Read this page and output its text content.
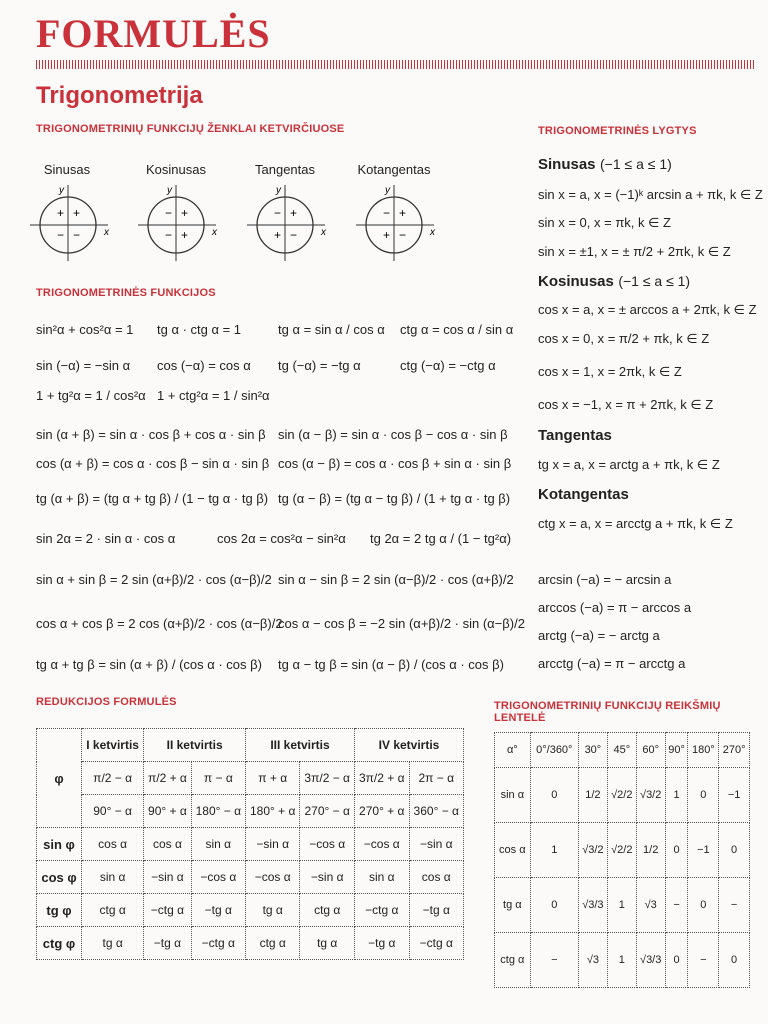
FORMULĖS
Trigonometrija
TRIGONOMETRINIŲ FUNKCIJŲ ŽENKLAI KETVIRČIUOSE
Sinusas	Kosinusas	Tangentas	Kotangentas
+ +
− − x
y
− +
− + x
y
− +
+ − x
y
− +
+ − x
y
TRIGONOMETRINĖS FUNKCIJOS
sin²α + cos²α = 1 tg α · ctg α = 1	tg α = sin α / cos α ctg α = cos α / sin α
sin (−α) = −sin α cos (−α) = cos α tg (−α) = −tg α	ctg (−α) = −ctg α
1 + tg²α = 1 / cos²α 1 + ctg²α = 1 / sin²α
sin (α + β) = sin α · cos β + cos α · sin β sin (α − β) = sin α · cos β − cos α · sin β
cos (α + β) = cos α · cos β − sin α · sin β cos (α − β) = cos α · cos β + sin α · sin β
tg (α + β) = (tg α + tg β) / (1 − tg α · tg β) tg (α − β) = (tg α − tg β) / (1 + tg α · tg β)
sin 2α = 2 · sin α · cos α	cos 2α = cos²α − sin²α tg 2α = 2 tg α / (1 − tg²α)
sin α + sin β = 2 sin (α+β)/2 · cos (α−β)/2 sin α − sin β = 2 sin (α−β)/2 · cos (α+β)/2
cos α + cos β = 2 cos (α+β)/2 · cos (α−β)/2
cos α − cos β = −2 sin (α+β)/2 · sin (α−β)/2
tg α + tg β = sin (α + β) / (cos α · cos β) tg α − tg β = sin (α − β) / (cos α · cos β)
TRIGONOMETRINĖS LYGTYS
Sinusas (−1 ≤ a ≤ 1)
sin x = a, x = (−1)ᵏ arcsin a + πk, k ∈ Z
sin x = 0, x = πk, k ∈ Z
sin x = ±1, x = ± π/2 + 2πk, k ∈ Z
Kosinusas (−1 ≤ a ≤ 1)
cos x = a, x = ± arccos a + 2πk, k ∈ Z
cos x = 0, x = π/2 + πk, k ∈ Z
cos x = 1, x = 2πk, k ∈ Z
cos x = −1, x = π + 2πk, k ∈ Z
Tangentas
tg x = a, x = arctg a + πk, k ∈ Z
Kotangentas
ctg x = a, x = arcctg a + πk, k ∈ Z
arcsin (−a) = − arcsin a
arccos (−a) = π − arccos a
arctg (−a) = − arctg a
arcctg (−a) = π − arcctg a
REDUKCIJOS FORMULĖS
φ	I ketvirtis	II ketvirtis		III ketvirtis		IV ketvirtis	
	π/2 − α	π/2 + α	π − α	π + α	3π/2 − α	3π/2 + α	2π − α
	90° − α	90° + α	180° − α	180° + α	270° − α	270° + α	360° − α
sin φ	cos α	cos α	sin α	−sin α	−cos α	−cos α	−sin α
cos φ	sin α	−sin α	−cos α	−cos α	−sin α	sin α	cos α
tg φ	ctg α	−ctg α	−tg α	tg α	ctg α	−ctg α	−tg α
ctg φ	tg α	−tg α	−ctg α	ctg α	tg α	−tg α	−ctg α
TRIGONOMETRINIŲ FUNKCIJŲ REIKŠMIŲ LENTELĖ
α°	0°/360°	30°	45°	60°	90°	180°	270°
sin α	0	1/2	√2/2	√3/2	1	0	−1
cos α	1	√3/2	√2/2	1/2	0	−1	0
tg α	0	√3/3	1	√3	−	0	−
ctg α	−	√3	1	√3/3	0	−	0
